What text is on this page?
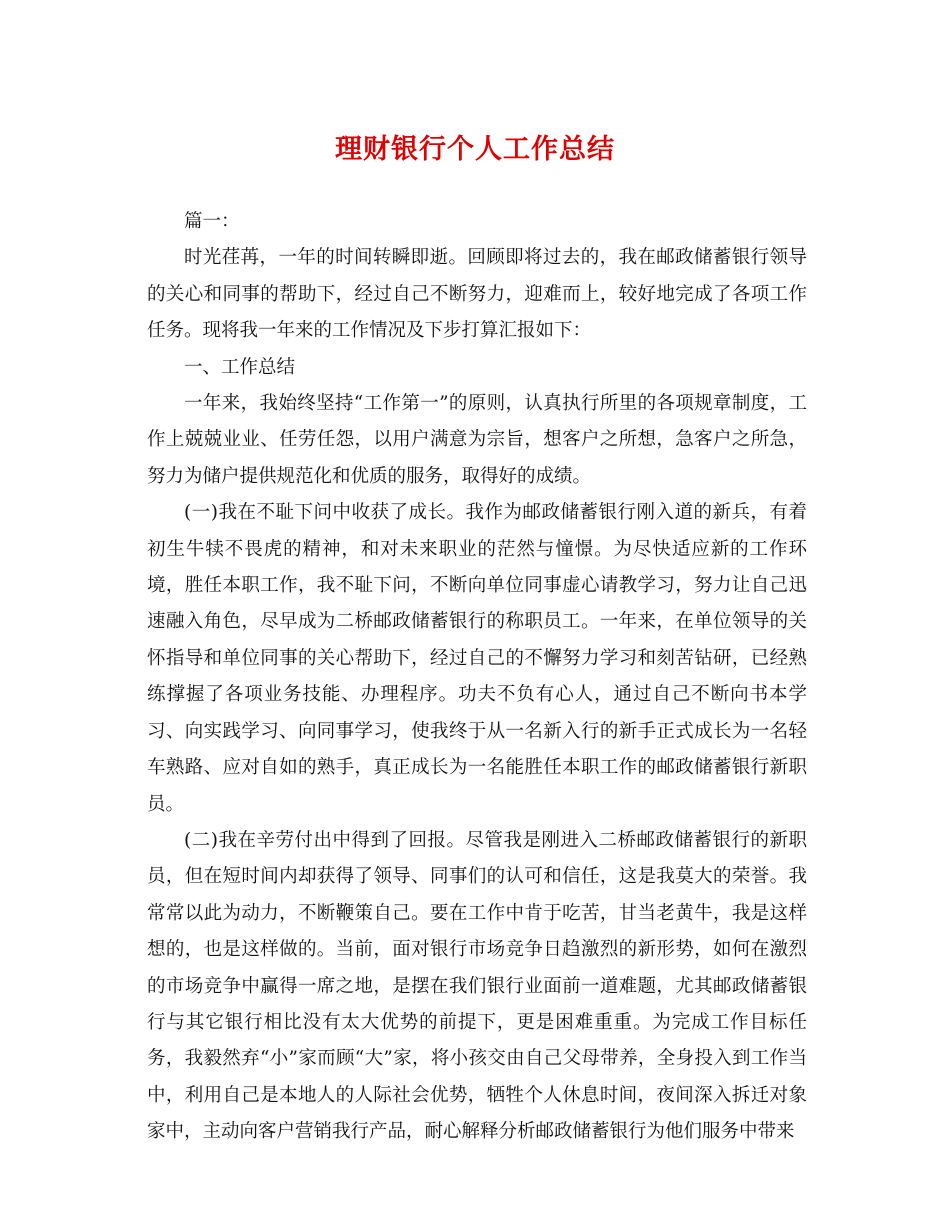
理财银行个人工作总结

篇一：

时光荏苒，一年的时间转瞬即逝。回顾即将过去的，我在邮政储蓄银行领导的关心和同事的帮助下，经过自己不断努力，迎难而上，较好地完成了各项工作任务。现将我一年来的工作情况及下步打算汇报如下：

一、工作总结

一年来，我始终坚持“工作第一”的原则，认真执行所里的各项规章制度，工作上兢兢业业、任劳任怨，以用户满意为宗旨，想客户之所想，急客户之所急，努力为储户提供规范化和优质的服务，取得好的成绩。

(一)我在不耻下问中收获了成长。我作为邮政储蓄银行刚入道的新兵，有着初生牛犊不畏虎的精神，和对未来职业的茫然与憧憬。为尽快适应新的工作环境，胜任本职工作，我不耻下问，不断向单位同事虚心请教学习，努力让自己迅速融入角色，尽早成为二桥邮政储蓄银行的称职员工。一年来，在单位领导的关怀指导和单位同事的关心帮助下，经过自己的不懈努力学习和刻苦钻研，已经熟练撑握了各项业务技能、办理程序。功夫不负有心人，通过自己不断向书本学习、向实践学习、向同事学习，使我终于从一名新入行的新手正式成长为一名轻车熟路、应对自如的熟手，真正成长为一名能胜任本职工作的邮政储蓄银行新职员。

(二)我在辛劳付出中得到了回报。尽管我是刚进入二桥邮政储蓄银行的新职员，但在短时间内却获得了领导、同事们的认可和信任，这是我莫大的荣誉。我常常以此为动力，不断鞭策自己。要在工作中肯于吃苦，甘当老黄牛，我是这样想的，也是这样做的。当前，面对银行市场竞争日趋激烈的新形势，如何在激烈的市场竞争中赢得一席之地，是摆在我们银行业面前一道难题，尤其邮政储蓄银行与其它银行相比没有太大优势的前提下，更是困难重重。为完成工作目标任务，我毅然弃“小”家而顾“大”家，将小孩交由自己父母带养，全身投入到工作当中，利用自己是本地人的人际社会优势，牺牲个人休息时间，夜间深入拆迁对象家中，主动向客户营销我行产品，耐心解释分析邮政储蓄银行为他们服务中带来
